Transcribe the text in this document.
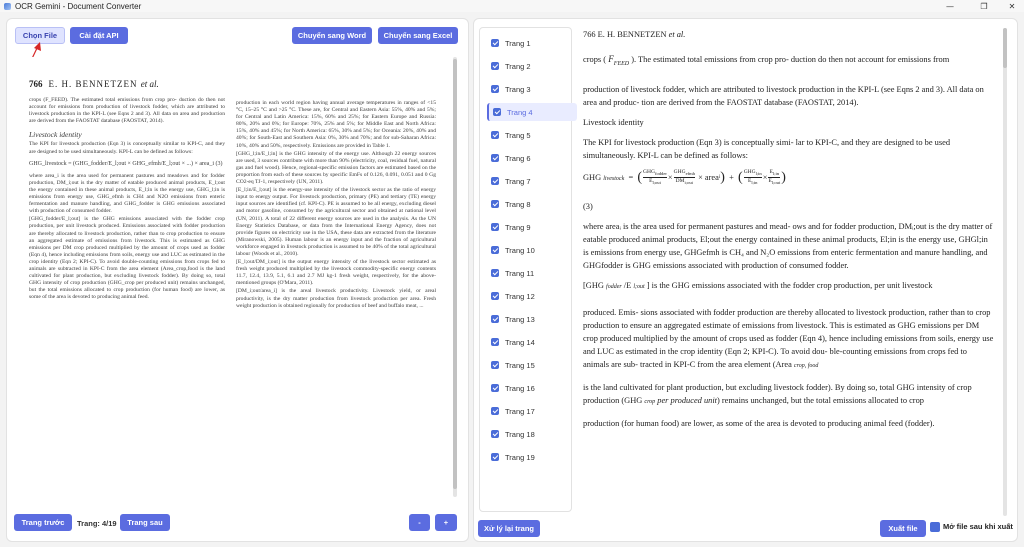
OCR Gemini - Document Converter	—	❐	✕
Chọn File	Cài đặt API	Chuyển sang Word	Chuyển sang Excel
766 E. H. BENNETZEN et al.

crops (F_FEED). The estimated total emissions from crop pro- duction do then not account for emissions from production of livestock fodder, which are attributed to livestock production in the KPI-L (see Eqns 2 and 3). All data on area and production are derived from the FAOSTAT database (FAOSTAT, 2014).

Livestock identity

The KPI for livestock production (Eqn 3) is conceptually similar to KPI-C, and they are designed to be used simultaneously. KPI-L can be defined as follows:

GHG_livestock = (GHG_fodder/E_l;out × GHG_efmh/E_l;out × ...) × area_i (3)

where area_i is the area used for permanent pastures and meadows and for fodder production, DM_i;out is the dry matter of eatable produced animal products, E_l;out the energy contained in these animal products, E_l;in is the energy use, GHG_l;in is emissions from energy use, GHG_efmh is CH4 and N2O emissions from enteric fermentation and manure handling, and GHG_fodder is GHG emissions associated with production of consumed fodder.

[GHG_fodder/E_l;out] is the GHG emissions associated with the fodder crop production, per unit livestock produced. Emissions associated with fodder production are thereby allocated to livestock production, rather than to crop production to ensure an aggregated estimate of emissions from livestock. This is estimated as GHG emissions per DM crop produced multiplied by the amount of crops used as fodder (Eqn 4), hence including emissions from soils, energy use and LUC as estimated in the crop identity (Eqn 2; KPI-C). To avoid double-counting emissions from crops fed to animals are subtracted in KPI-C from the area element (Area_crop,food is the land cultivated for plant production, but excluding livestock fodder). By doing so, total GHG intensity of crop production (GHG_crop per produced unit) remains unchanged, but the total emissions allocated to crop production (for human food) are lower, as some of the area is devoted to producing animal feed.

production in each world region having annual average temperatures in ranges of <15 °C, 15–25 °C and >25 °C. These are, for Central and Eastern Asia: 55%, 40% and 5%; for Central and Latin America: 15%, 60% and 25%; for Eastern Europe and Russia: 80%, 20% and 0%; for Europe: 70%, 25% and 5%; for Middle East and North Africa: 15%, 40% and 45%; for North America: 65%, 30% and 5%; for Oceania: 20%, 40% and 40%; for South-East and Southern Asia: 0%, 30% and 70%; and for sub-Saharan Africa: 10%, 40% and 50%, respectively. Emissions are provided in Table 1.

[GHG_l;in/E_l;in] is the GHG intensity of the energy use. Although 22 energy sources are used, 3 sources contribute with more than 90% (electricity, coal, residual fuel, natural gas and fuel wood). Hence, regional-specific emission factors are estimated based on the proportion from each of these sources by specific EmFs of 0.126, 0.091, 0.051 and 0 Gg CO2-eq TJ-1, respectively (UN, 2011).

[E_l;in/E_l;out] is the energy-use intensity of the livestock sector as the ratio of energy input to energy output. For livestock production, primary (PE) and tertiary (TE) energy input sources are identified (cf. KPI-C). PE is assumed to be all energy, excluding diesel and motor gasoline, consumed by the agricultural sector and obtained at national level (UN, 2011). A total of 22 different energy sources are used in the analysis. As the UN Energy Statistics Database, or data from the International Energy Agency, does not provide figures on electricity use in the USA, these data are extracted from the literature (Miranowski, 2005). Human labour is an energy input and the fraction of agricultural workforce engaged in livestock production is assumed to be 40% of the total agricultural labour (Woods et al., 2010).

[E_l;out/DM_i;out] is the output energy intensity of the livestock sector estimated as fresh weight produced multiplied by the livestock commodity-specific energy contents 11.7, 12.4, 13.9, 5.1, 6.1 and 2.7 MJ kg-1 fresh weight, respectively, for the above-mentioned groups (O'Mara, 2011).

[DM_i;out/area_i] is the areal livestock productivity. Livestock yield, or areal productivity, is the dry matter production from livestock production per area. Fresh weight production is obtained regionally for production of beef and buffalo meat, ...

Trang trước	Trang: 4/19	Trang sau	-	+
Trang 1
Trang 2
Trang 3
Trang 4
Trang 5
Trang 6
Trang 7
Trang 8
Trang 9
Trang 10
Trang 11
Trang 12
Trang 13
Trang 14
Trang 15
Trang 16
Trang 17
Trang 18
Trang 19
Xử lý lại trang

766 E. H. BENNETZEN et al.

crops ( $F_{FEED}$ ). The estimated total emissions from crop pro- duction do then not account for emissions from

production of livestock fodder, which are attributed to livestock production in the KPI-L (see Eqns 2 and 3). All data on area and produc- tion are derived from the FAOSTAT database (FAOSTAT, 2014).

Livestock identity

The KPI for livestock production (Eqn 3) is conceptually simi- lar to KPI-C, and they are designed to be used simultaneously. KPI-L can be defined as follows:

GHG
livestock = ( $\frac{GHG_{fodder}}{E_{l;out}} \times \frac{GHG_{efmh}}{DM_{i;out}}$
× area i ) + ( $\frac{GHG_{l;in}}{E_{l;in}} \times \frac{E_{l;in}}{E_{l;out}}$ )

(3)

where areaᵢ is the area used for permanent pastures and mead- ows and for fodder production, DMᵢ;out is the dry matter of eatable produced animal products, El;out the energy contained in these animal products, El;in is the energy use, GHGl;in is emissions from energy use, GHGefmh is CH₄ and N₂O emissions from enteric fermentation and manure handling, and GHGfodder is GHG emissions associated with production of consumed fodder.

[GHG fodder /E l;out ] is the GHG emissions associated with the fodder crop production, per unit livestock

produced. Emis- sions associated with fodder production are thereby allocated to livestock production, rather than to crop production to ensure an aggregated estimate of emissions from livestock. This is estimated as GHG emissions per DM crop produced multiplied by the amount of crops used as fodder (Eqn 4), hence including emissions from soils, energy use and LUC as estimated in the crop identity (Eqn 2; KPI-C). To avoid dou- ble-counting emissions from crops fed to animals are sub- tracted in KPI-C from the area element (Area crop, food

is the land cultivated for plant production, but excluding livestock fodder). By doing so, total GHG intensity of crop production (GHG crop per produced unit) remains unchanged, but the total emissions allocated to crop

production (for human food) are lower, as some of the area is devoted to producing animal feed (fodder).

Xuất file	Mở file sau khi xuất
